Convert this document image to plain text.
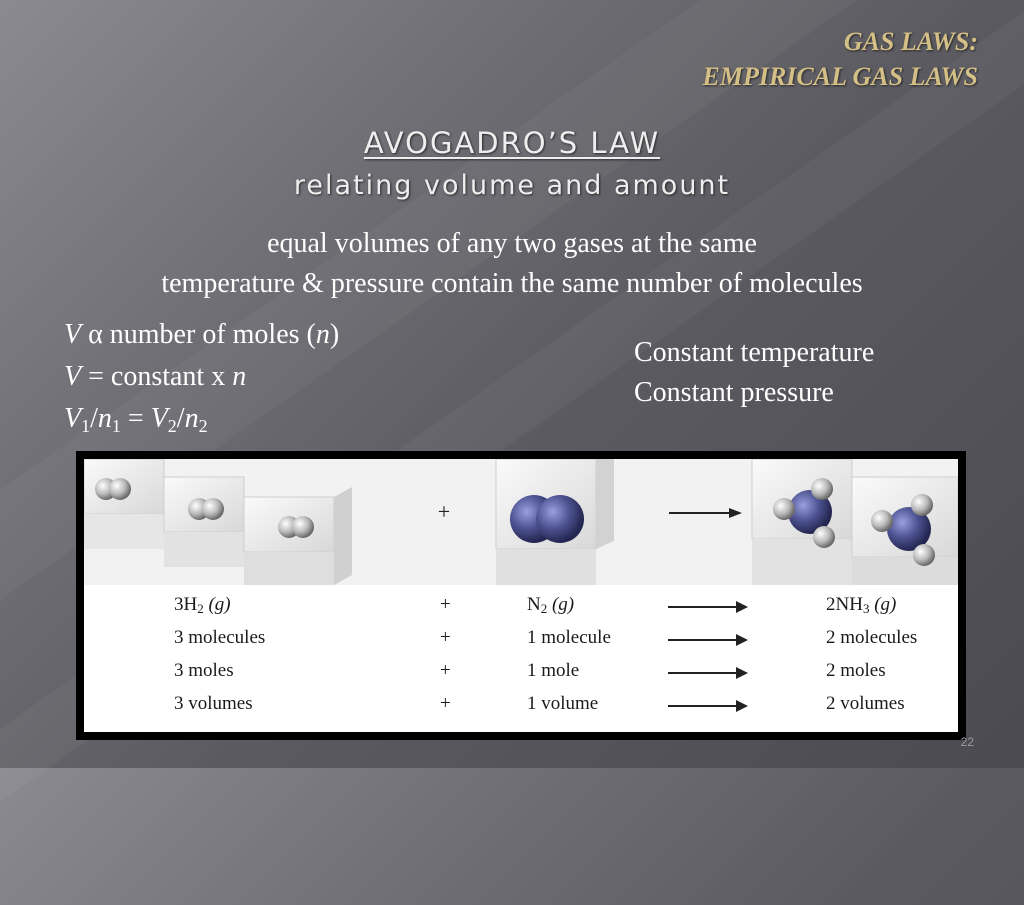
GAS LAWS:
EMPIRICAL GAS LAWS
AVOGADRO’S LAW
relating volume and amount
equal volumes of any two gases at the same
temperature & pressure contain the same number of molecules
V α number of moles (n)
V = constant x n
$V_1/n_1 = V_2/n_2$
Constant temperature
Constant pressure
+
$3H_2$ (g)	+	$N_2$ (g)	$2NH_3$ (g)
3 molecules	+	1 molecule	2 molecules
3 moles	+	1 mole	2 moles
3 volumes	+	1 volume	2 volumes
22
